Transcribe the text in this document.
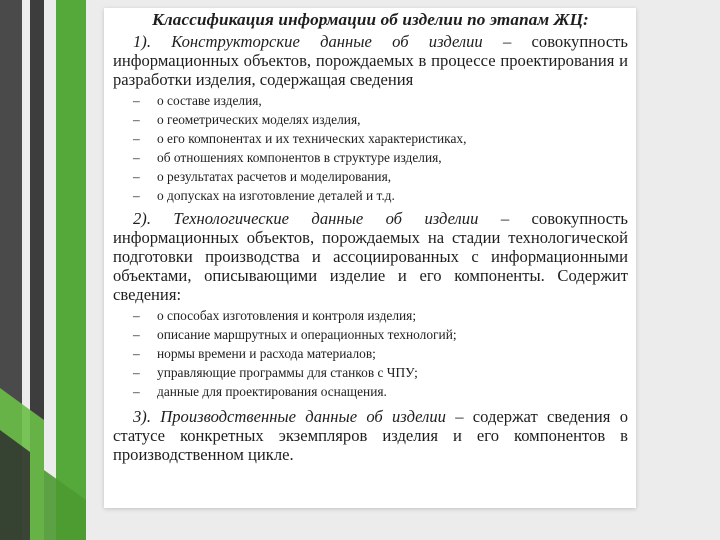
Классификация информации об изделии по этапам ЖЦ:

1). Конструкторские данные об изделии – совокупность информационных объектов, порождаемых в процессе проектирования и разработки изделия, содержащая сведения

– о составе изделия,
– о геометрических моделях изделия,
– о его компонентах и их технических характеристиках,
– об отношениях компонентов в структуре изделия,
– о результатах расчетов и моделирования,
– о допусках на изготовление деталей и т.д.

2). Технологические данные об изделии – совокупность информационных объектов, порождаемых на стадии технологической подготовки производства и ассоциированных с информационными объектами, описывающими изделие и его компоненты. Содержит сведения:

– о способах изготовления и контроля изделия;
– описание маршрутных и операционных технологий;
– нормы времени и расхода материалов;
– управляющие программы для станков с ЧПУ;
– данные для проектирования оснащения.

3). Производственные данные об изделии – содержат сведения о статусе конкретных экземпляров изделия и его компонентов в производственном цикле.
